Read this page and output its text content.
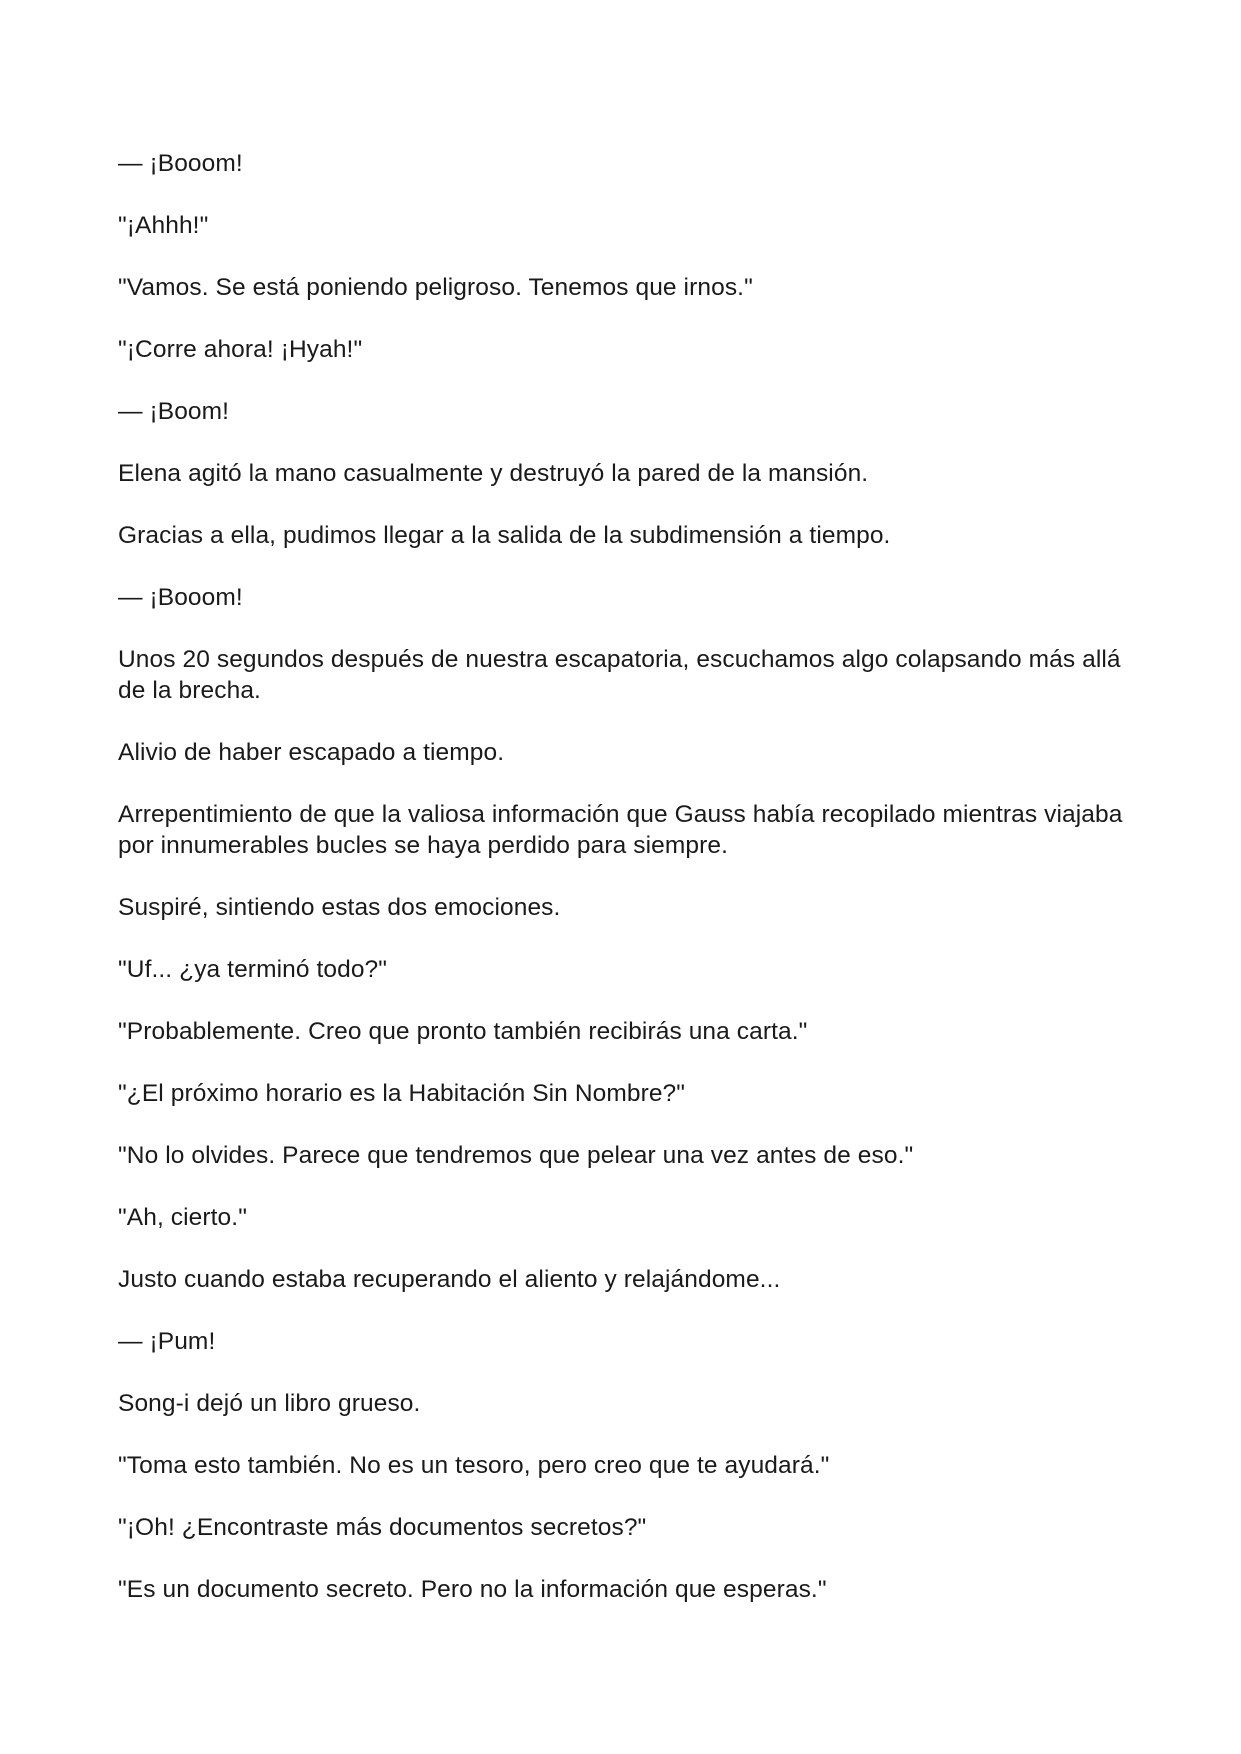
— ¡Booom!

"¡Ahhh!"

"Vamos. Se está poniendo peligroso. Tenemos que irnos."

"¡Corre ahora! ¡Hyah!"

— ¡Boom!

Elena agitó la mano casualmente y destruyó la pared de la mansión.

Gracias a ella, pudimos llegar a la salida de la subdimensión a tiempo.

— ¡Booom!

Unos 20 segundos después de nuestra escapatoria, escuchamos algo colapsando más allá de la brecha.

Alivio de haber escapado a tiempo.

Arrepentimiento de que la valiosa información que Gauss había recopilado mientras viajaba por innumerables bucles se haya perdido para siempre.

Suspiré, sintiendo estas dos emociones.

"Uf... ¿ya terminó todo?"

"Probablemente. Creo que pronto también recibirás una carta."

"¿El próximo horario es la Habitación Sin Nombre?"

"No lo olvides. Parece que tendremos que pelear una vez antes de eso."

"Ah, cierto."

Justo cuando estaba recuperando el aliento y relajándome...

— ¡Pum!

Song-i dejó un libro grueso.

"Toma esto también. No es un tesoro, pero creo que te ayudará."

"¡Oh! ¿Encontraste más documentos secretos?"

"Es un documento secreto. Pero no la información que esperas."
